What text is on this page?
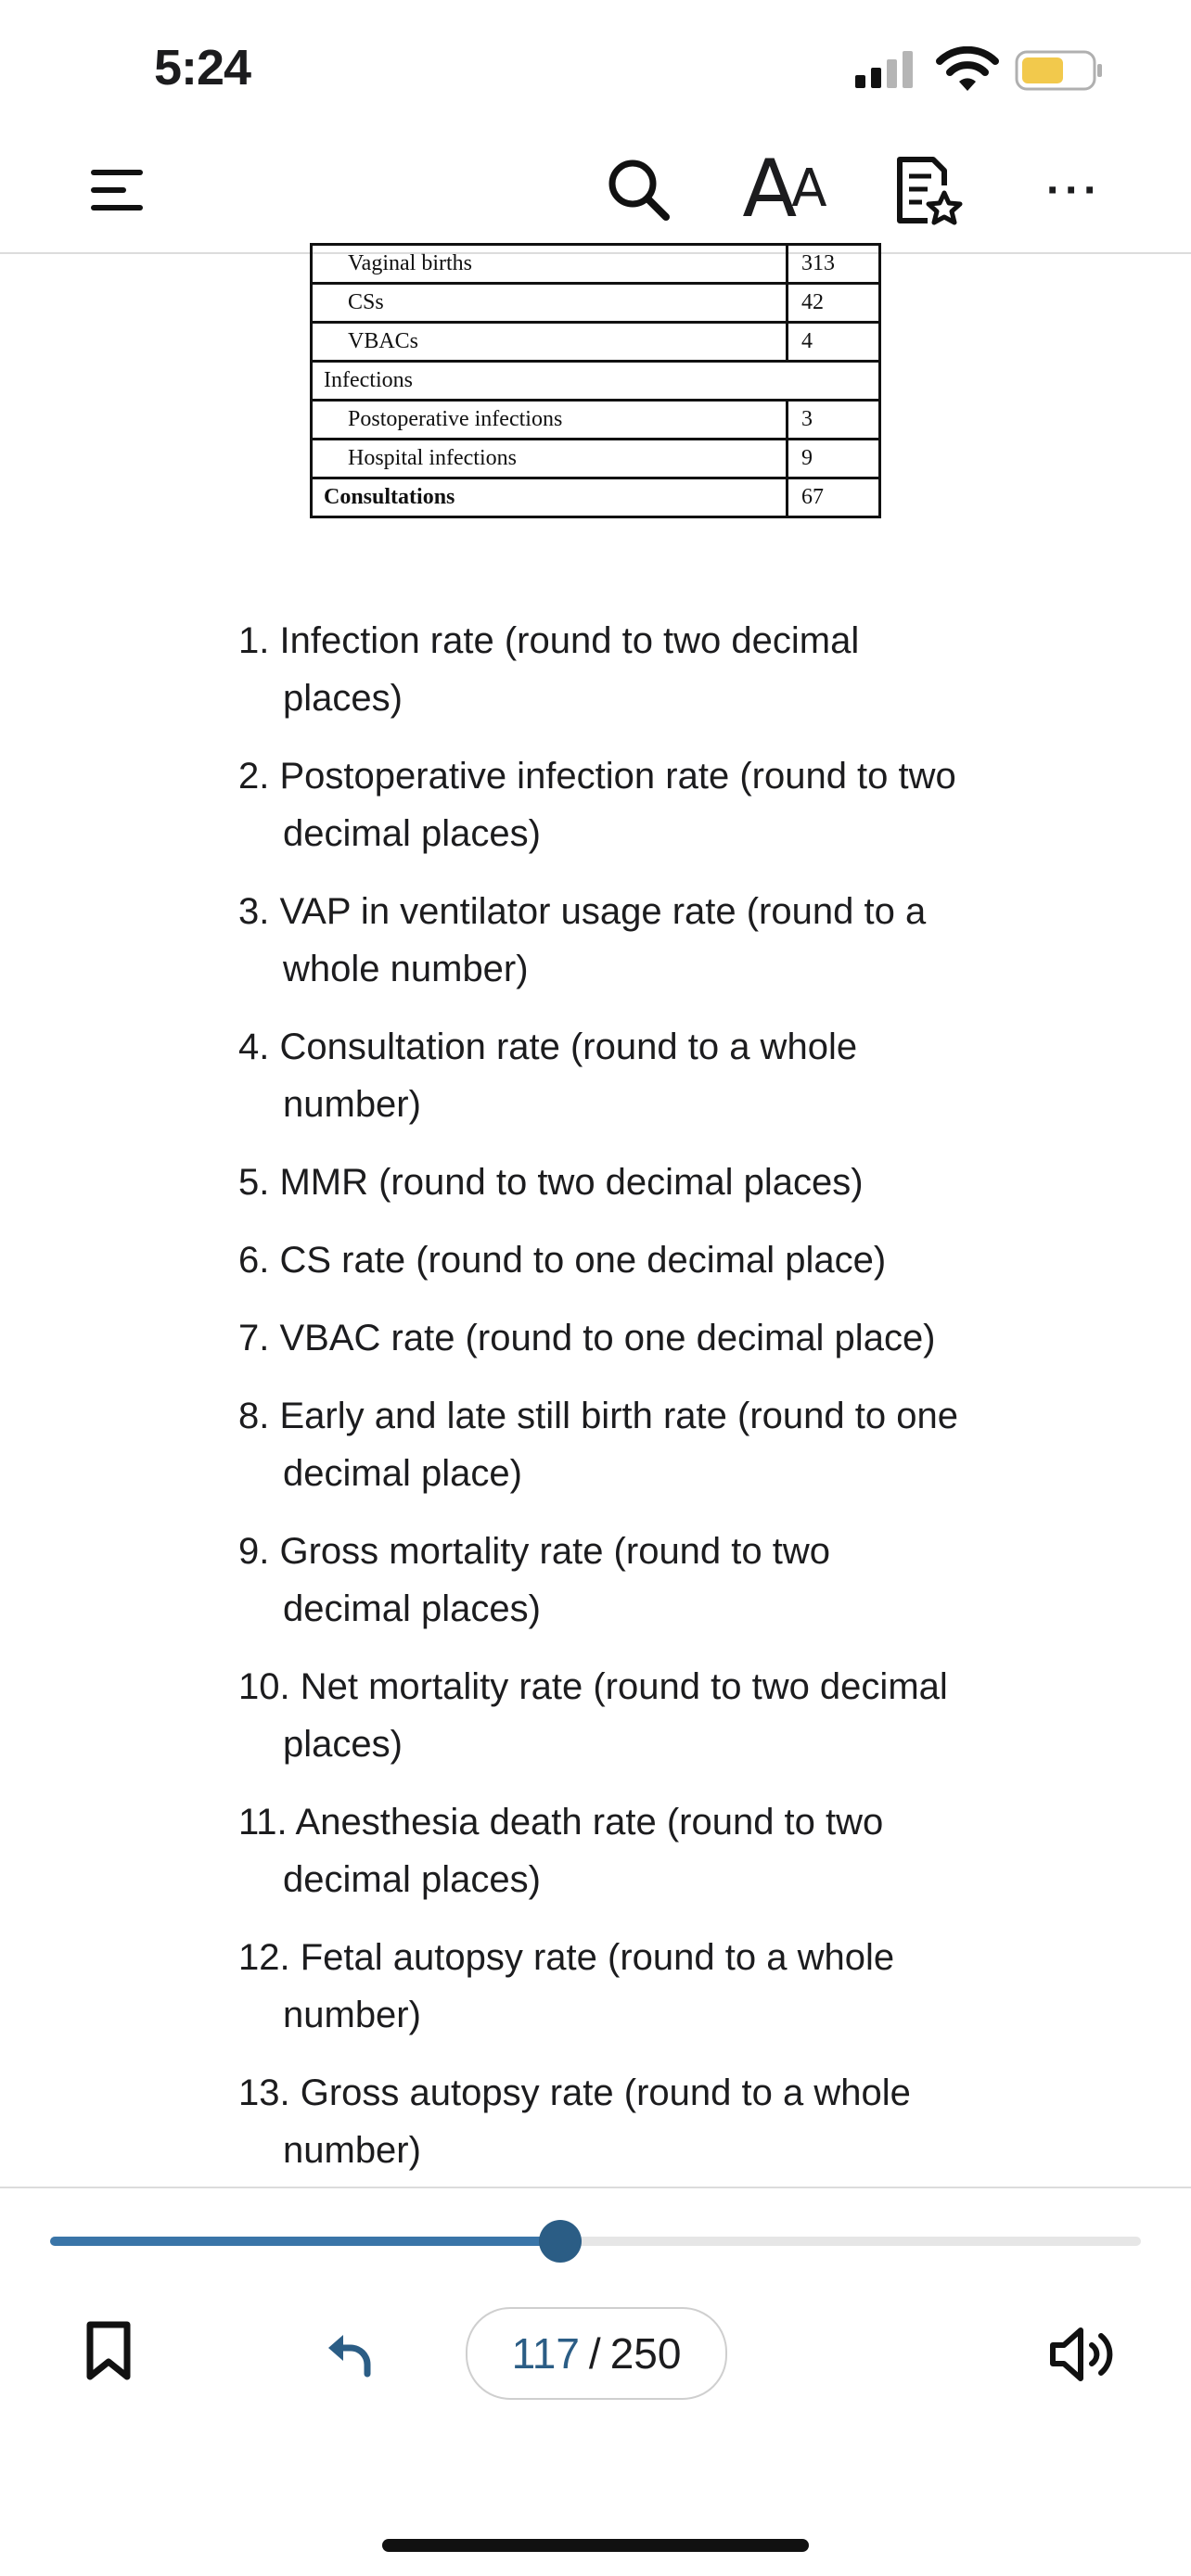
5:24
A
A	···
Vaginal births	313
CSs	42
VBACs	4
Infections	
Postoperative infections	3
Hospital infections	9
Consultations	67
1. Infection rate (round to two decimal places)
2. Postoperative infection rate (round to two decimal places)
3. VAP in ventilator usage rate (round to a whole number)
4. Consultation rate (round to a whole number)
5. MMR (round to two decimal places)
6. CS rate (round to one decimal place)
7. VBAC rate (round to one decimal place)
8. Early and late still birth rate (round to one decimal place)
9. Gross mortality rate (round to two decimal places)
10. Net mortality rate (round to two decimal places)
11. Anesthesia death rate (round to two decimal places)
12. Fetal autopsy rate (round to a whole number)
13. Gross autopsy rate (round to a whole number)
117 / 250
